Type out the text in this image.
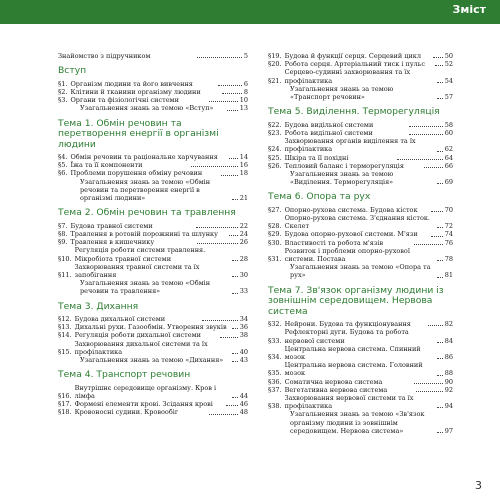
Зміст
Знайомство з підручником	5
Вступ
§1. Організм людини та його вивчення	6
§2. Клітини й тканини організму людини	8
§3. Органи та фізіологічні системи	10
Узагальнення знань за темою «Вступ»	13
Тема 1. Обмін речовин та перетворення енергії в організмі людини
§4. Обмін речовин та раціональне харчування	14
§5. Їжа та її компоненти	16
§6. Проблеми порушення обміну речовин	18
Узагальнення знань за темою «Обмін речовин та перетворення енергії в організмі людини»	21
Тема 2. Обмін речовин та травлення
§7. Будова травної системи	22
§8. Травлення в ротовій порожнині та шлунку	24
§9. Травлення в кишечнику	26
§10.
Регуляція роботи системи травлення. Мікробіота травної системи	28
§11.
Захворювання травної системи та їх запобігання	30
Узагальнення знань за темою «Обмін речовин та травлення»	33
Тема 3. Дихання
§12. Будова дихальної системи	34
§13. Дихальні рухи. Газообмін. Утворення звуків	36
§14. Регуляція роботи дихальної системи	38
§15.
Захворювання дихальної системи та їх профілактика	40
Узагальнення знань за темою «Дихання»	43
Тема 4. Транспорт речовин
§16.
Внутрішнє середовище організму. Кров і лімфа	44
§17. Формені елементи крові. Зсідання крові	46
§18. Кровоносні судини. Кровообіг	48
§19. Будова й функції серця. Серцевий цикл	50
§20. Робота серця. Артеріальний тиск і пульс	52
§21.
Серцево-судинні захворювання та їх профілактика	54
Узагальнення знань за темою «Транспорт речовин»	57
Тема 5. Виділення. Терморегуляція
§22. Будова видільної системи	58
§23. Робота видільної системи	60
§24.
Захворювання органів виділення та їх профілактика	62
§25. Шкіра та її похідні	64
§26. Тепловий баланс і терморегуляція	66
Узагальнення знань за темою «Виділення. Терморегуляція»	69
Тема 6. Опора та рух
§27. Опорно-рухова система. Будова кісток	70
§28.
Опорно-рухова система. З'єднання кісток. Скелет	72
§29. Будова опорно-рухової системи. М'язи	74
§30. Властивості та робота м'язів	76
§31.
Розвиток і проблеми опорно-рухової системи. Постава	78
Узагальнення знань за темою «Опора та рух»	81
Тема 7. Зв'язок організму людини із зовнішнім середовищем. Нервова система
§32. Нейрони. Будова та функціонування	82
§33.
Рефлекторні дуги. Будова та робота нервової системи	84
§34.
Центральна нервова система. Спинний мозок	86
§35.
Центральна нервова система. Головний мозок	88
§36. Соматична нервова система	90
§37. Вегетативна нервова система	92
§38.
Захворювання нервової системи та їх профілактика	94
Узагальнення знань за темою «Зв'язок організму людини із зовнішнім середовищем. Нервова система»	97
3
